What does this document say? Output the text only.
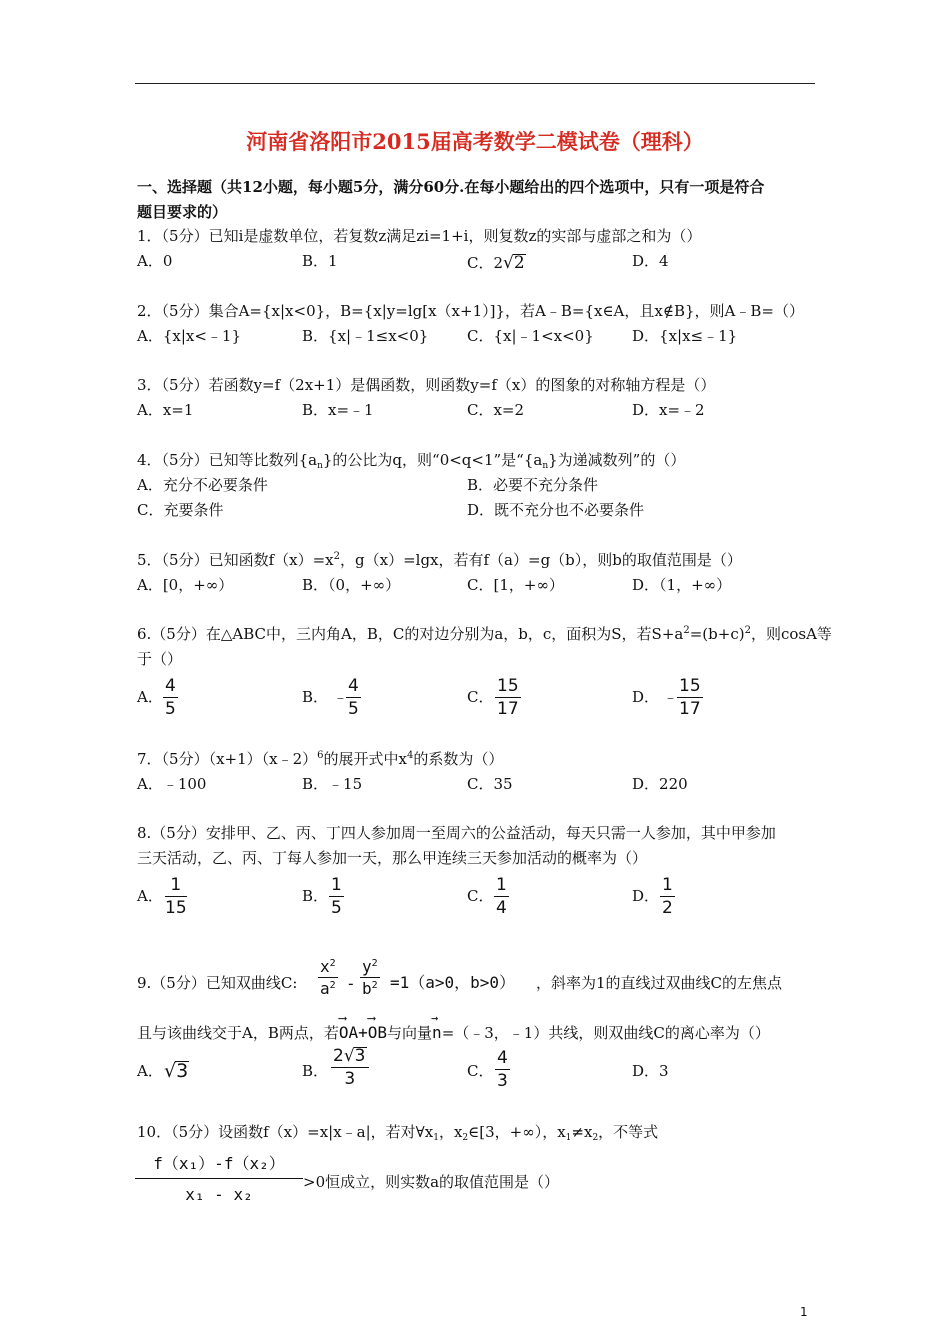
河南省洛阳市2015届高考数学二模试卷（理科）
一、选择题（共12小题，每小题5分，满分60分.在每小题给出的四个选项中，只有一项是符合
题目要求的）
1．（5分）已知i是虚数单位，若复数z满足zi=1+i，则复数z的实部与虚部之和为（）
A．0	B．1	C．2√2	D．4
2．（5分）集合A={x|x<0}，B={x|y=lg[x（x+1）]}，若A﹣B={x∈A，且x∉B}，则A﹣B=（）
A．{x|x<﹣1}	B．{x|﹣1≤x<0}	C．{x|﹣1<x<0}	D．{x|x≤﹣1}
3．（5分）若函数y=f（2x+1）是偶函数，则函数y=f（x）的图象的对称轴方程是（）
A．x=1	B．x=﹣1	C．x=2	D．x=﹣2
4．（5分）已知等比数列$\{a_n\}$的公比为q，则“0<q<1”是“$\{a_n\}$为递减数列”的（）
A．充分不必要条件	B．必要不充分条件
C．充要条件	D．既不充分也不必要条件
5．（5分）已知函数$f(x)=x^2$，g（x）=lgx，若有f（a）=g（b），则b的取值范围是（）
A．[0，+∞）	B．（0，+∞）	C．[1，+∞）	D．（1，+∞）
6.（5分）在△ABC中，三内角A，B，C的对边分别为a，b，c，面积为S，若$S+a^2=(b+c)^2$，则cosA等
于（）
A． $\frac{4}{5}$	B． ﹣
$\frac{4}{5}$	C． $\frac{15}{17}$	D． ﹣
$\frac{15}{17}$
7．（5分）（x+1）（x﹣2）$^6$的展开式中$x^4$的系数为（）
A．﹣100	B．﹣15	C．35	D．220
8.（5分）安排甲、乙、丙、丁四人参加周一至周六的公益活动，每天只需一人参加，其中甲参加
三天活动，乙、丙、丁每人参加一天，那么甲连续三天参加活动的概率为（）
A． $\frac{1}{15}$	B． $\frac{1}{5}$	C． $\frac{1}{4}$	D． $\frac{1}{2}$
9.（5分）已知双曲线C: $\frac{x^2}{a^2} - \frac{y^2}{b^2} =1(a>0$，b>0） ，斜率为1的直线过双曲线C的左焦点
且与该曲线交于A，B两点，若
⟶
OA+
⟶
OB与向量
→
n=（﹣3，﹣1）共线，则双曲线C的离心率为（）
A． √3	B． $\frac{2√3}{3}$	C． $\frac{4}{3}$	D．3
10．（5分）设函数f（x）=x|x﹣a|，若对$\forall x_1$，$x_2\in[3$，+∞），$x_1\ne x_2$，不等式
$\frac{\text{f（x₁）-f（x₂）}}{\text{x₁ - x₂}} >0$恒成立，则实数a的取值范围是（）
1
